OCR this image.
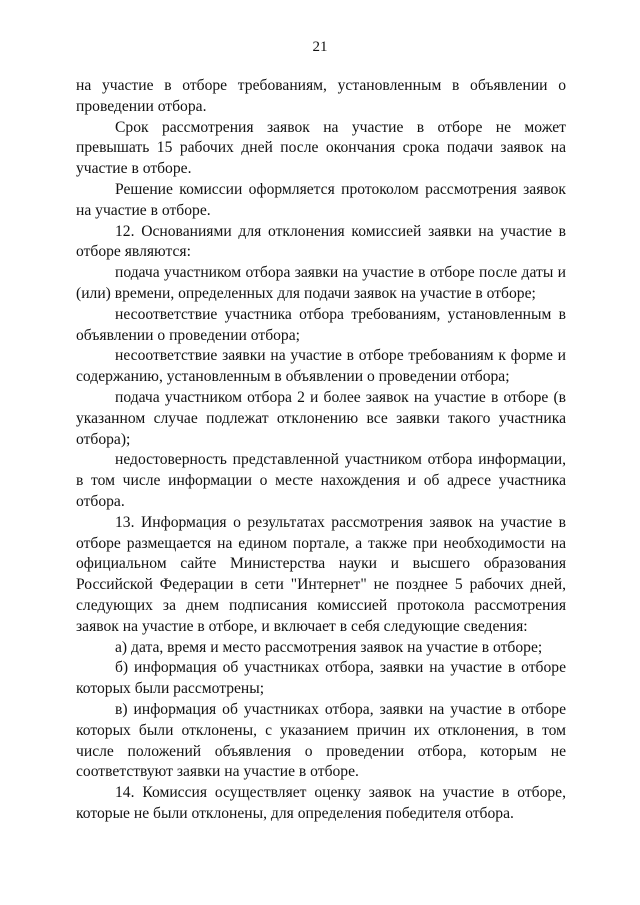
21

на участие в отборе требованиям, установленным в объявлении о проведении отбора.

Срок рассмотрения заявок на участие в отборе не может превышать 15 рабочих дней после окончания срока подачи заявок на участие в отборе.

Решение комиссии оформляется протоколом рассмотрения заявок на участие в отборе.

12. Основаниями для отклонения комиссией заявки на участие в отборе являются:

подача участником отбора заявки на участие в отборе после даты и (или) времени, определенных для подачи заявок на участие в отборе;

несоответствие участника отбора требованиям, установленным в объявлении о проведении отбора;

несоответствие заявки на участие в отборе требованиям к форме и содержанию, установленным в объявлении о проведении отбора;

подача участником отбора 2 и более заявок на участие в отборе (в указанном случае подлежат отклонению все заявки такого участника отбора);

недостоверность представленной участником отбора информации, в том числе информации о месте нахождения и об адресе участника отбора.

13. Информация о результатах рассмотрения заявок на участие в отборе размещается на едином портале, а также при необходимости на официальном сайте Министерства науки и высшего образования Российской Федерации в сети "Интернет" не позднее 5 рабочих дней, следующих за днем подписания комиссией протокола рассмотрения заявок на участие в отборе, и включает в себя следующие сведения:

а) дата, время и место рассмотрения заявок на участие в отборе;

б) информация об участниках отбора, заявки на участие в отборе которых были рассмотрены;

в) информация об участниках отбора, заявки на участие в отборе которых были отклонены, с указанием причин их отклонения, в том числе положений объявления о проведении отбора, которым не соответствуют заявки на участие в отборе.

14. Комиссия осуществляет оценку заявок на участие в отборе, которые не были отклонены, для определения победителя отбора.
